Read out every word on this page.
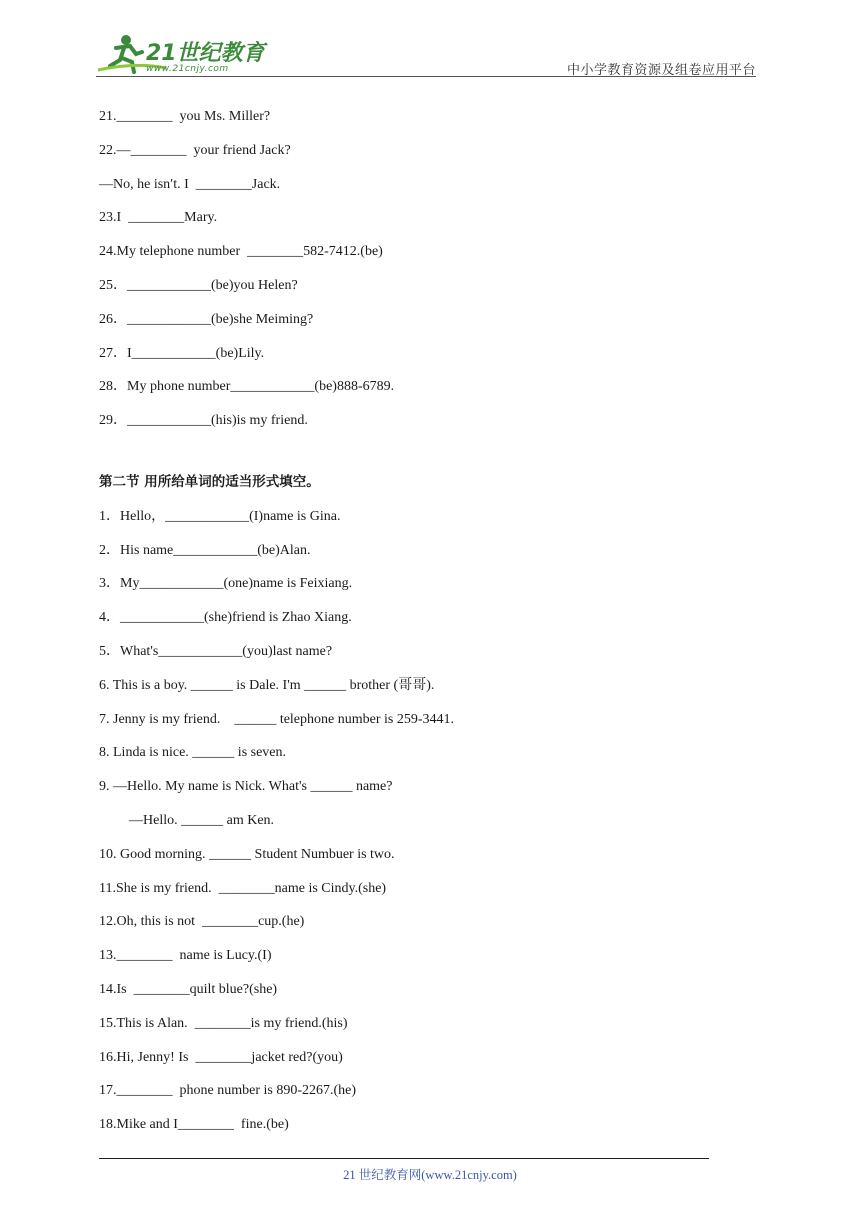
21世纪教育
www.21cnjy.com	中小学教育资源及组卷应用平台
21.________  you Ms. Miller?
22.—________  your friend Jack?
—No, he isn′t. I  ________Jack.
23.I  ________Mary.
24.My telephone number  ________582-7412.(be)
25．____________(be)you Helen?
26．____________(be)she Meiming?
27．I____________(be)Lily.
28．My phone number____________(be)888-6789.
29．____________(his)is my friend.
第二节 用所给单词的适当形式填空。
1．Hello，____________(I)name is Gina.
2．His name____________(be)Alan.
3．My____________(one)name is Feixiang.
4．____________(she)friend is Zhao Xiang.
5．What's____________(you)last name?
6. This is a boy. ______ is Dale. I'm ______ brother (哥哥).
7. Jenny is my friend.    ______ telephone number is 259-3441.
8. Linda is nice. ______ is seven.
9. —Hello. My name is Nick. What's ______ name?
—Hello. ______ am Ken.
10. Good morning. ______ Student Numbuer is two.
11.She is my friend.  ________name is Cindy.(she)
12.Oh, this is not  ________cup.(he)
13.________  name is Lucy.(I)
14.Is  ________quilt blue?(she)
15.This is Alan.  ________is my friend.(his)
16.Hi, Jenny! Is  ________jacket red?(you)
17.________  phone number is 890-2267.(he)
18.Mike and I________  fine.(be)
21 世纪教育网(www.21cnjy.com)
